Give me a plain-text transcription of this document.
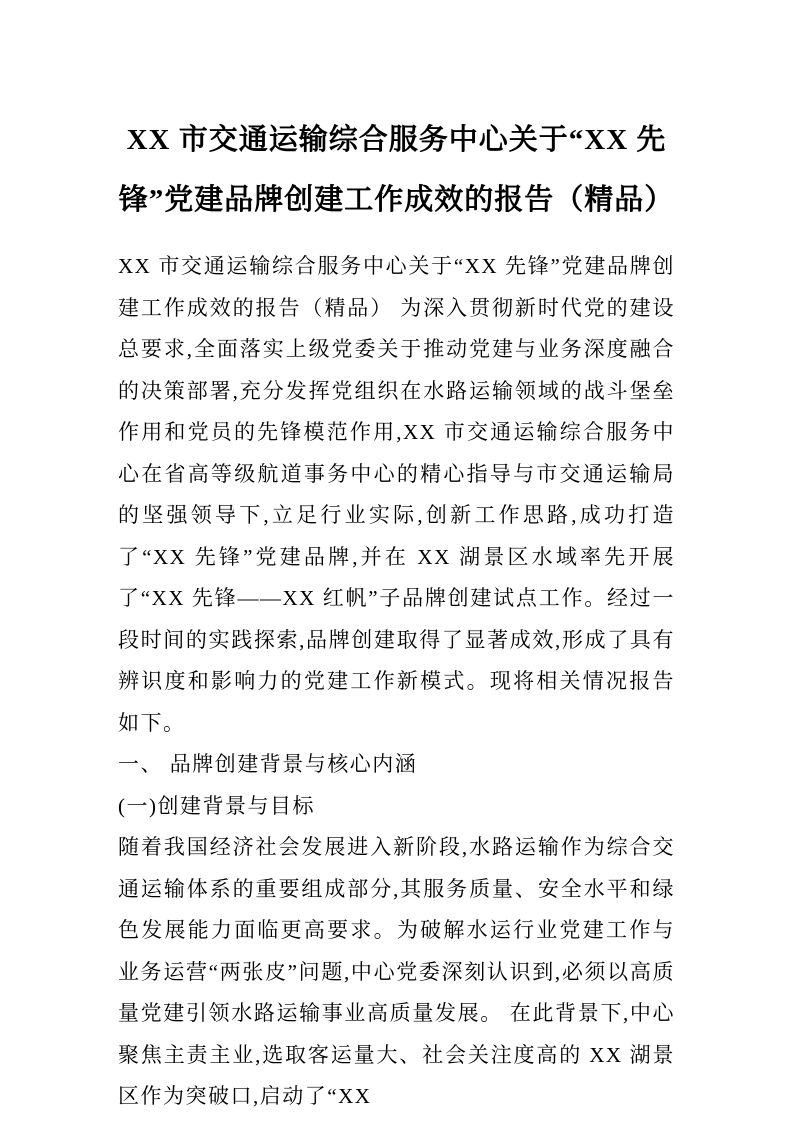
XX 市交通运输综合服务中心关于“XX 先锋”党建品牌创建工作成效的报告（精品）

XX 市交通运输综合服务中心关于“XX 先锋”党建品牌创建工作成效的报告（精品） 为深入贯彻新时代党的建设总要求,全面落实上级党委关于推动党建与业务深度融合的决策部署,充分发挥党组织在水路运输领域的战斗堡垒作用和党员的先锋模范作用,XX 市交通运输综合服务中心在省高等级航道事务中心的精心指导与市交通运输局的坚强领导下,立足行业实际,创新工作思路,成功打造了“XX 先锋”党建品牌,并在 XX 湖景区水域率先开展了“XX 先锋——XX 红帆”子品牌创建试点工作。经过一段时间的实践探索,品牌创建取得了显著成效,形成了具有辨识度和影响力的党建工作新模式。现将相关情况报告如下。

一、 品牌创建背景与核心内涵
(一)创建背景与目标

随着我国经济社会发展进入新阶段,水路运输作为综合交通运输体系的重要组成部分,其服务质量、安全水平和绿色发展能力面临更高要求。为破解水运行业党建工作与业务运营“两张皮”问题,中心党委深刻认识到,必须以高质量党建引领水路运输事业高质量发展。 在此背景下,中心聚焦主责主业,选取客运量大、社会关注度高的 XX 湖景区作为突破口,启动了“XX
